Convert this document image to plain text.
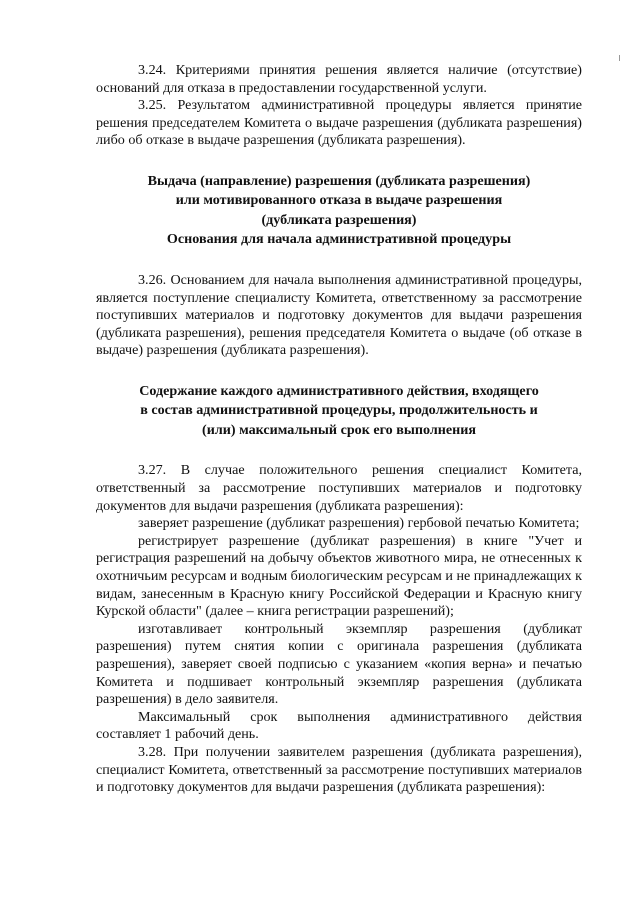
3.24. Критериями принятия решения является наличие (отсутствие) оснований для отказа в предоставлении государственной услуги.

3.25. Результатом административной процедуры является принятие решения председателем Комитета о выдаче разрешения (дубликата разрешения) либо об отказе в выдаче разрешения (дубликата разрешения).

Выдача (направление) разрешения (дубликата разрешения)

или мотивированного отказа в выдаче разрешения

(дубликата разрешения)

Основания для начала административной процедуры

3.26. Основанием для начала выполнения административной процедуры, является поступление специалисту Комитета, ответственному за рассмотрение поступивших материалов и подготовку документов для выдачи разрешения (дубликата разрешения), решения председателя Комитета о выдаче (об отказе в выдаче) разрешения (дубликата разрешения).

Содержание каждого административного действия, входящего

в состав административной процедуры, продолжительность и

(или) максимальный срок его выполнения

3.27. В случае положительного решения специалист Комитета, ответственный за рассмотрение поступивших материалов и подготовку документов для выдачи разрешения (дубликата разрешения):

заверяет разрешение (дубликат разрешения) гербовой печатью Комитета;

регистрирует разрешение (дубликат разрешения) в книге "Учет и регистрация разрешений на добычу объектов животного мира, не отнесенных к охотничьим ресурсам и водным биологическим ресурсам и не принадлежащих к видам, занесенным в Красную книгу Российской Федерации и Красную книгу Курской области" (далее – книга регистрации разрешений);

изготавливает контрольный экземпляр разрешения (дубликат разрешения) путем снятия копии с оригинала разрешения (дубликата разрешения), заверяет своей подписью с указанием «копия верна» и печатью Комитета и подшивает контрольный экземпляр разрешения (дубликата разрешения) в дело заявителя.

Максимальный срок выполнения административного действия составляет 1 рабочий день.

3.28. При получении заявителем разрешения (дубликата разрешения), специалист Комитета, ответственный за рассмотрение поступивших материалов и подготовку документов для выдачи разрешения (дубликата разрешения):
